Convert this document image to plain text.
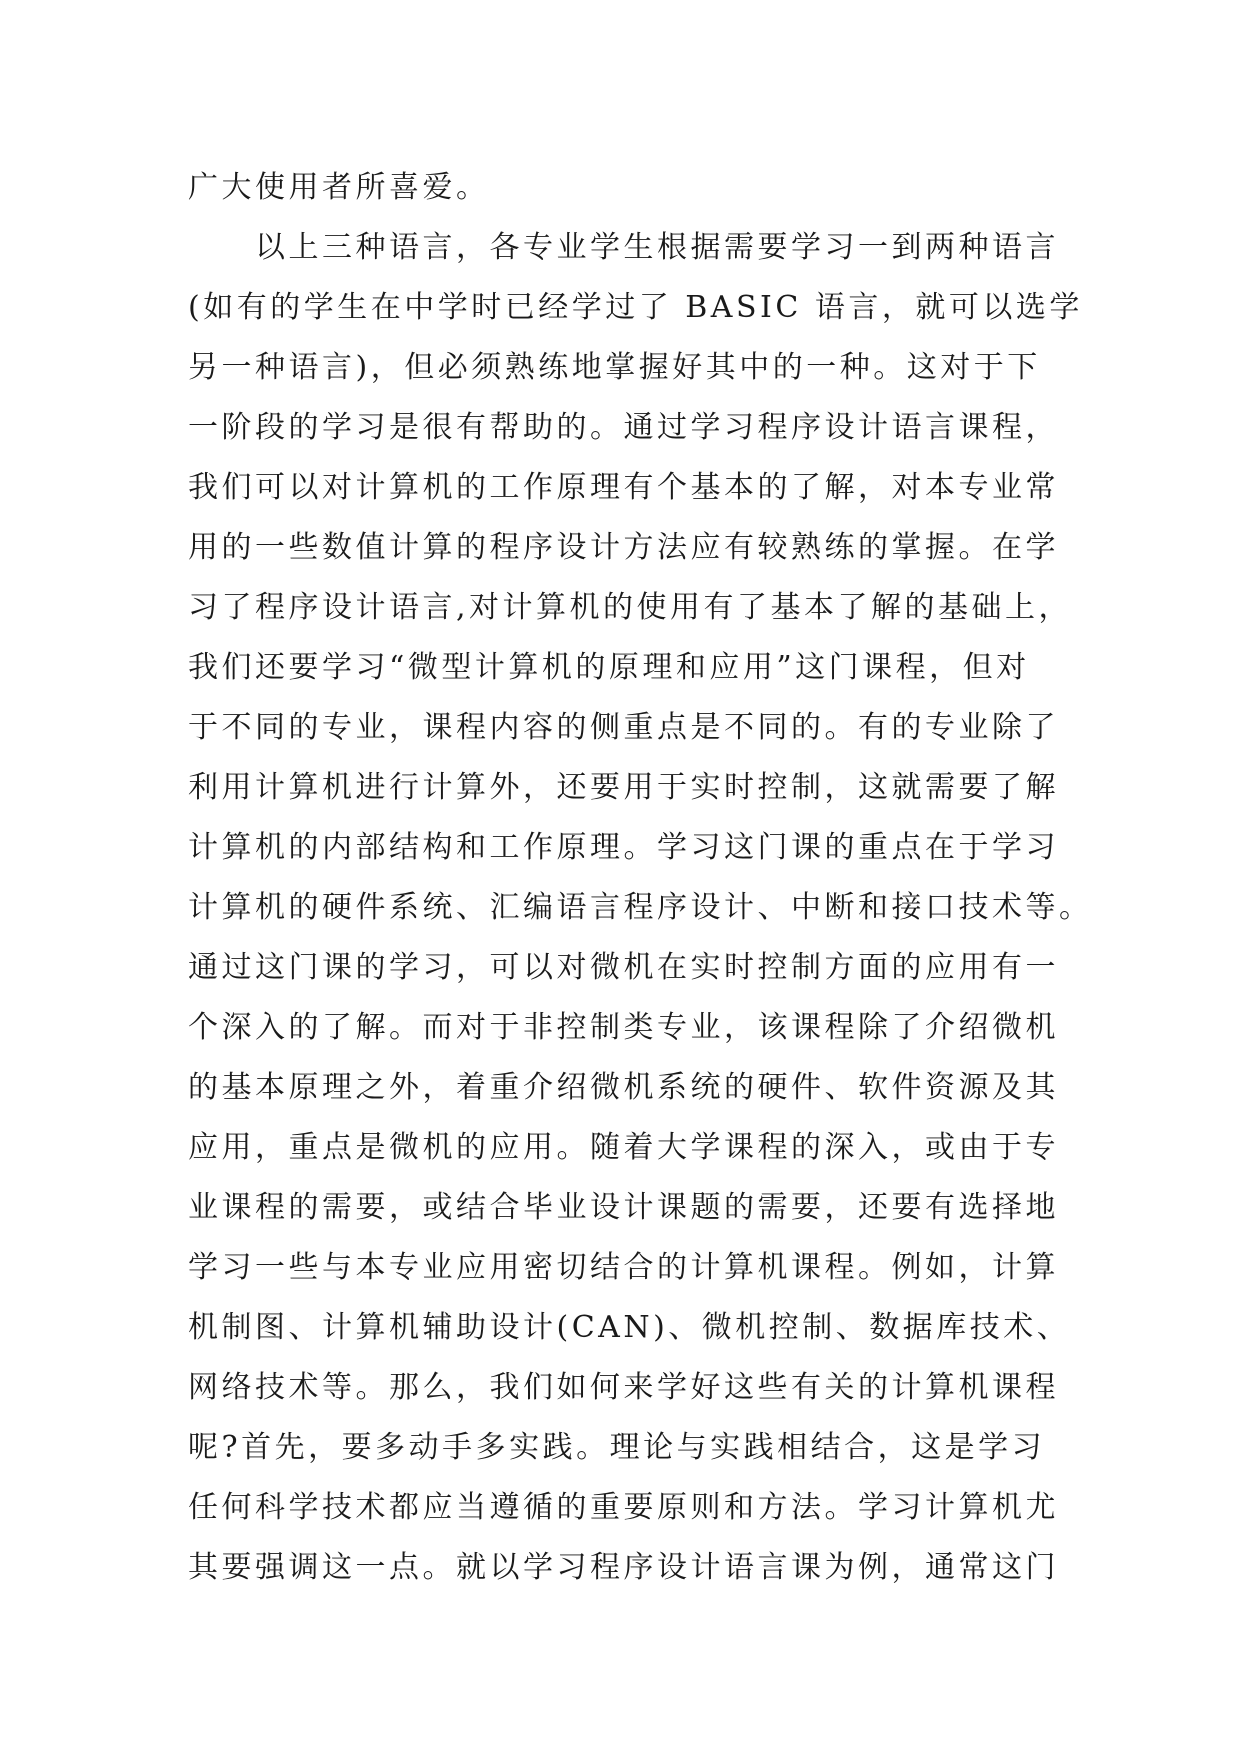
广大使用者所喜爱。
　　以上三种语言，各专业学生根据需要学习一到两种语言
(如有的学生在中学时已经学过了 BASIC 语言，就可以选学
另一种语言)，但必须熟练地掌握好其中的一种。这对于下
一阶段的学习是很有帮助的。通过学习程序设计语言课程，
我们可以对计算机的工作原理有个基本的了解，对本专业常
用的一些数值计算的程序设计方法应有较熟练的掌握。在学
习了程序设计语言,对计算机的使用有了基本了解的基础上，
我们还要学习“微型计算机的原理和应用”这门课程，但对
于不同的专业，课程内容的侧重点是不同的。有的专业除了
利用计算机进行计算外，还要用于实时控制，这就需要了解
计算机的内部结构和工作原理。学习这门课的重点在于学习
计算机的硬件系统、汇编语言程序设计、中断和接口技术等。
通过这门课的学习，可以对微机在实时控制方面的应用有一
个深入的了解。而对于非控制类专业，该课程除了介绍微机
的基本原理之外，着重介绍微机系统的硬件、软件资源及其
应用，重点是微机的应用。随着大学课程的深入，或由于专
业课程的需要，或结合毕业设计课题的需要，还要有选择地
学习一些与本专业应用密切结合的计算机课程。例如，计算
机制图、计算机辅助设计(CAN)、微机控制、数据库技术、
网络技术等。那么，我们如何来学好这些有关的计算机课程
呢?首先，要多动手多实践。理论与实践相结合，这是学习
任何科学技术都应当遵循的重要原则和方法。学习计算机尤
其要强调这一点。就以学习程序设计语言课为例，通常这门
